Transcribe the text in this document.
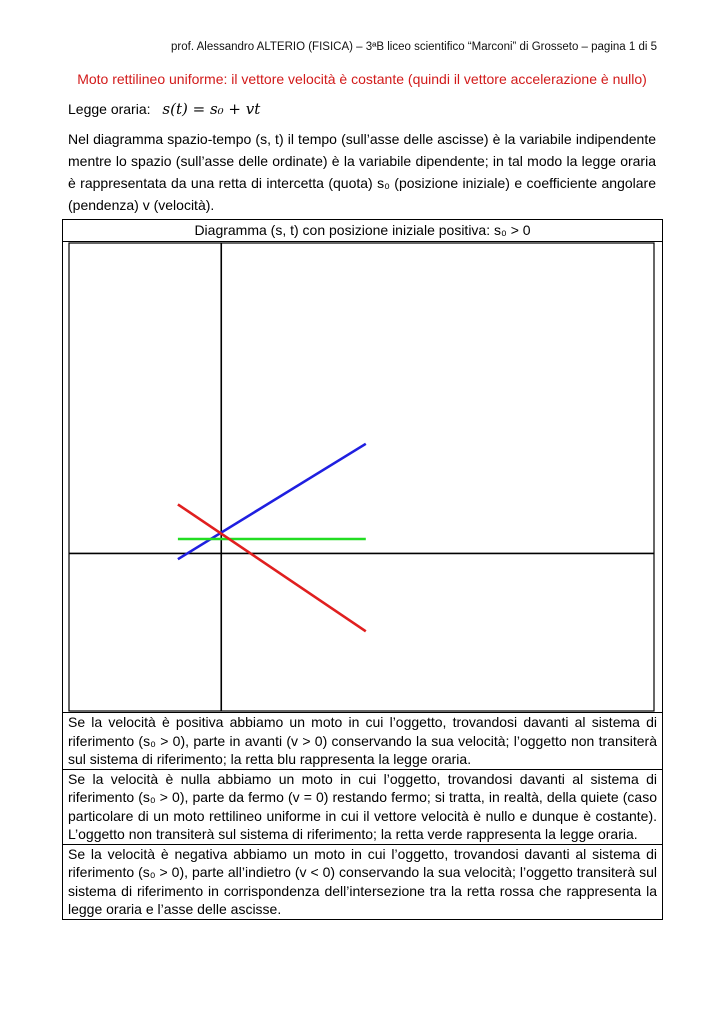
prof. Alessandro ALTERIO (FISICA) – 3ªB liceo scientifico “Marconi” di Grosseto – pagina 1 di 5
Moto rettilineo uniforme: il vettore velocità è costante (quindi il vettore accelerazione è nullo)
Legge oraria: s(t) = s₀ + vt

Nel diagramma spazio-tempo (s, t) il tempo (sull’asse delle ascisse) è la variabile indipendente mentre lo spazio (sull’asse delle ordinate) è la variabile dipendente; in tal modo la legge oraria è rappresentata da una retta di intercetta (quota) s₀ (posizione iniziale) e coefficiente angolare (pendenza) v (velocità).

Diagramma (s, t) con posizione iniziale positiva: s₀ > 0

Se la velocità è positiva abbiamo un moto in cui l’oggetto, trovandosi davanti al sistema di riferimento (s₀ > 0), parte in avanti (v > 0) conservando la sua velocità; l’oggetto non transiterà sul sistema di riferimento; la retta blu rappresenta la legge oraria.
Se la velocità è nulla abbiamo un moto in cui l’oggetto, trovandosi davanti al sistema di riferimento (s₀ > 0), parte da fermo (v = 0) restando fermo; si tratta, in realtà, della quiete (caso particolare di un moto rettilineo uniforme in cui il vettore velocità è nullo e dunque è costante). L’oggetto non transiterà sul sistema di riferimento; la retta verde rappresenta la legge oraria.
Se la velocità è negativa abbiamo un moto in cui l’oggetto, trovandosi davanti al sistema di riferimento (s₀ > 0), parte all’indietro (v < 0) conservando la sua velocità; l’oggetto transiterà sul sistema di riferimento in corrispondenza dell’intersezione tra la retta rossa che rappresenta la legge oraria e l’asse delle ascisse.
